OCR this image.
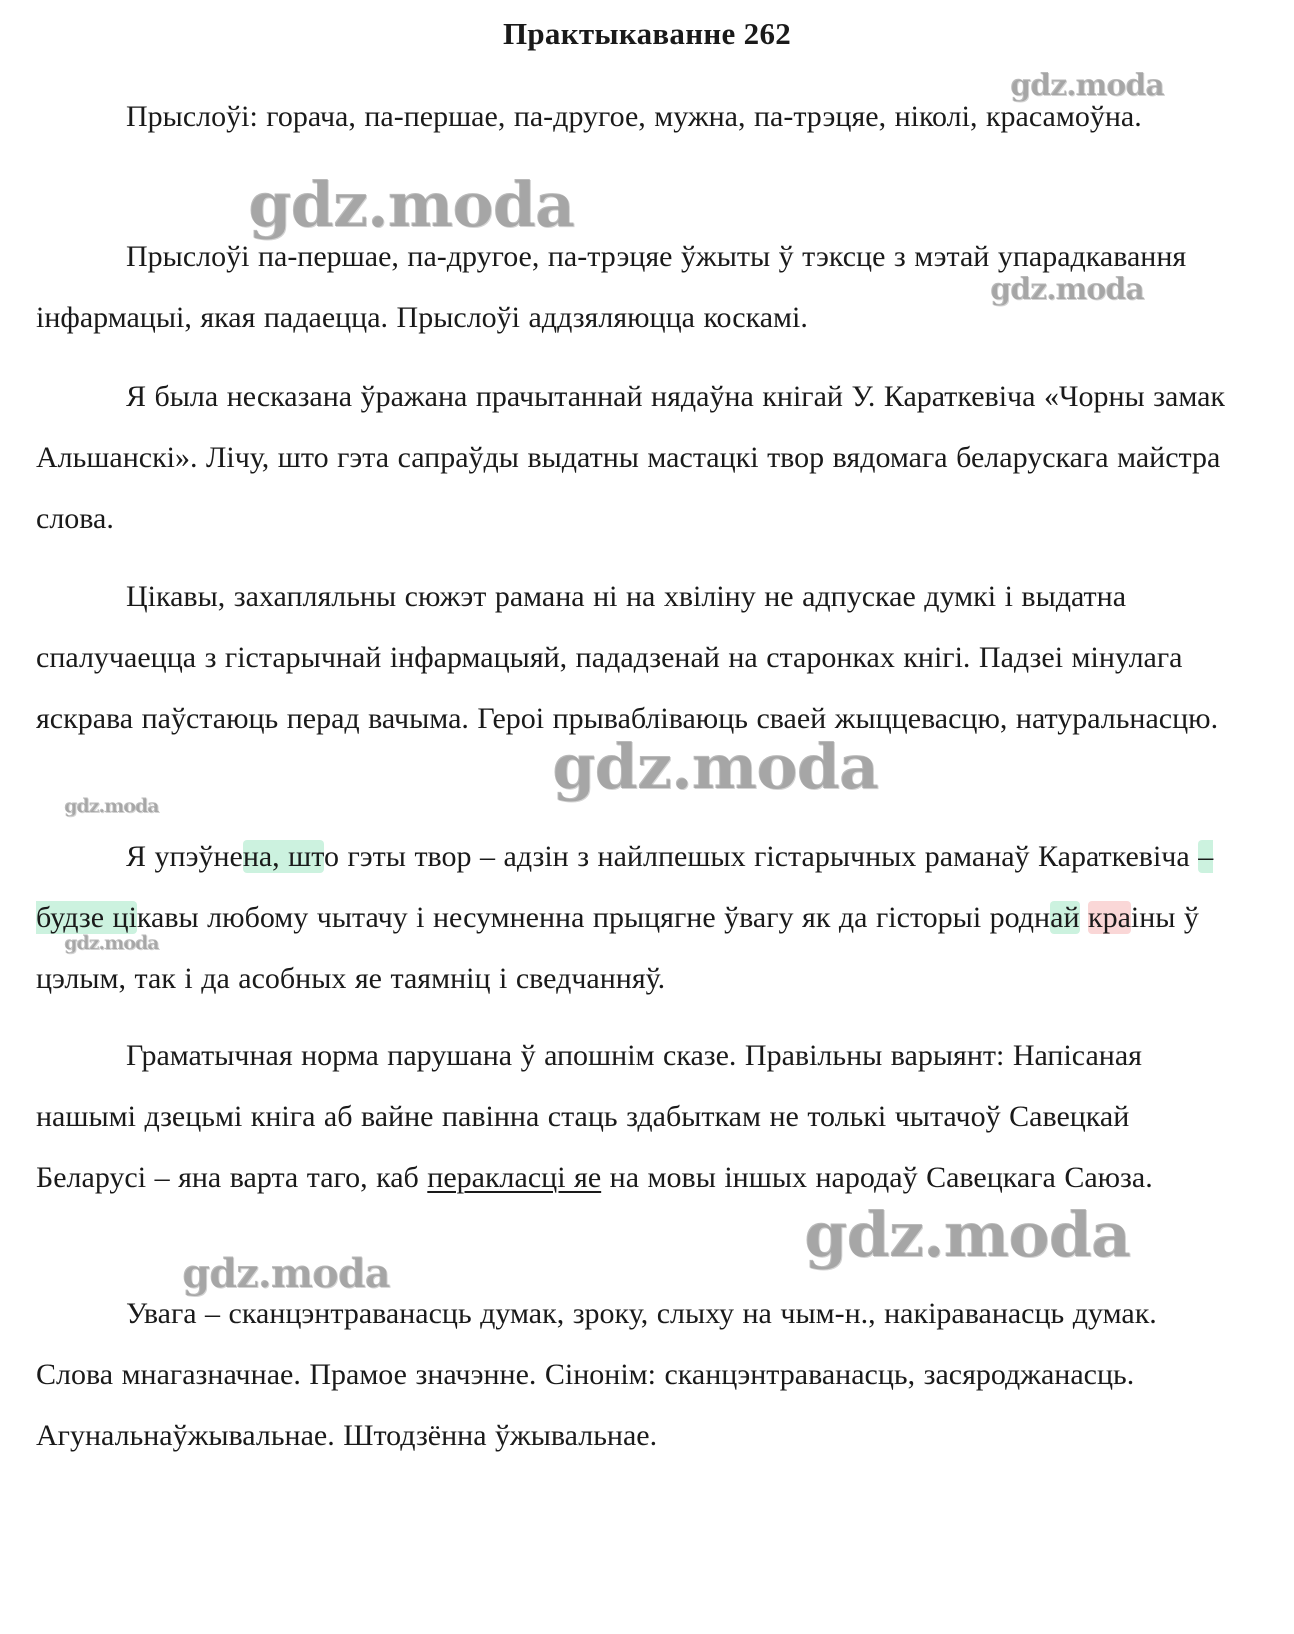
Практыкаванне 262

Прыслоўі: горача, па-першае, па-другое, мужна, па-трэцяе, ніколі, красамоўна.

Прыслоўі па-першае, па-другое, па-трэцяе ўжыты ў тэксце з мэтай упарадкавання інфармацыі, якая падаецца. Прыслоўі аддзяляюцца коскамі.

Я была несказана ўражана прачытаннай нядаўна кнігай У. Караткевіча «Чорны замак Альшанскі». Лічу, што гэта сапраўды выдатны мастацкі твор вядомага беларускага майстра слова.

Цікавы, захапляльны сюжэт рамана ні на хвіліну не адпускае думкі і выдатна спалучаецца з гістарычнай інфармацыяй, пададзенай на старонках кнігі. Падзеі мінулага яскрава паўстаюць перад вачыма. Героі прываблiваюць сваей жыццевасцю, натуральнасцю.

Я упэўнена, што гэты твор – адзін з найлпешых гістарычных раманаў Караткевіча – будзе цікавы любому чытачу і несумненна прыцягне ўвагу як да гісторыі роднай краіны ў цэлым, так і да асобных яе таямніц і сведчанняў.

Граматычная норма парушана ў апошнім сказе. Правільны варыянт: Напісаная нашымі дзецьмі кніга аб вайне павінна стаць здабыткам не толькі чытачоў Савецкай Беларусі – яна варта таго, каб перакласці яе на мовы іншых народаў Савецкага Саюза.

Увага – сканцэнтраванасць думак, зроку, слыху на чым-н., накіраванасць думак. Слова мнагазначнае. Прамое значэнне. Сінонім: сканцэнтраванасць, засяроджанасць. Агунальнаўжывальнае. Штодзённа ўжывальнае.

gdz.moda
gdz.moda
gdz.moda
gdz.moda
gdz.moda
gdz.moda
gdz.moda
gdz.moda
